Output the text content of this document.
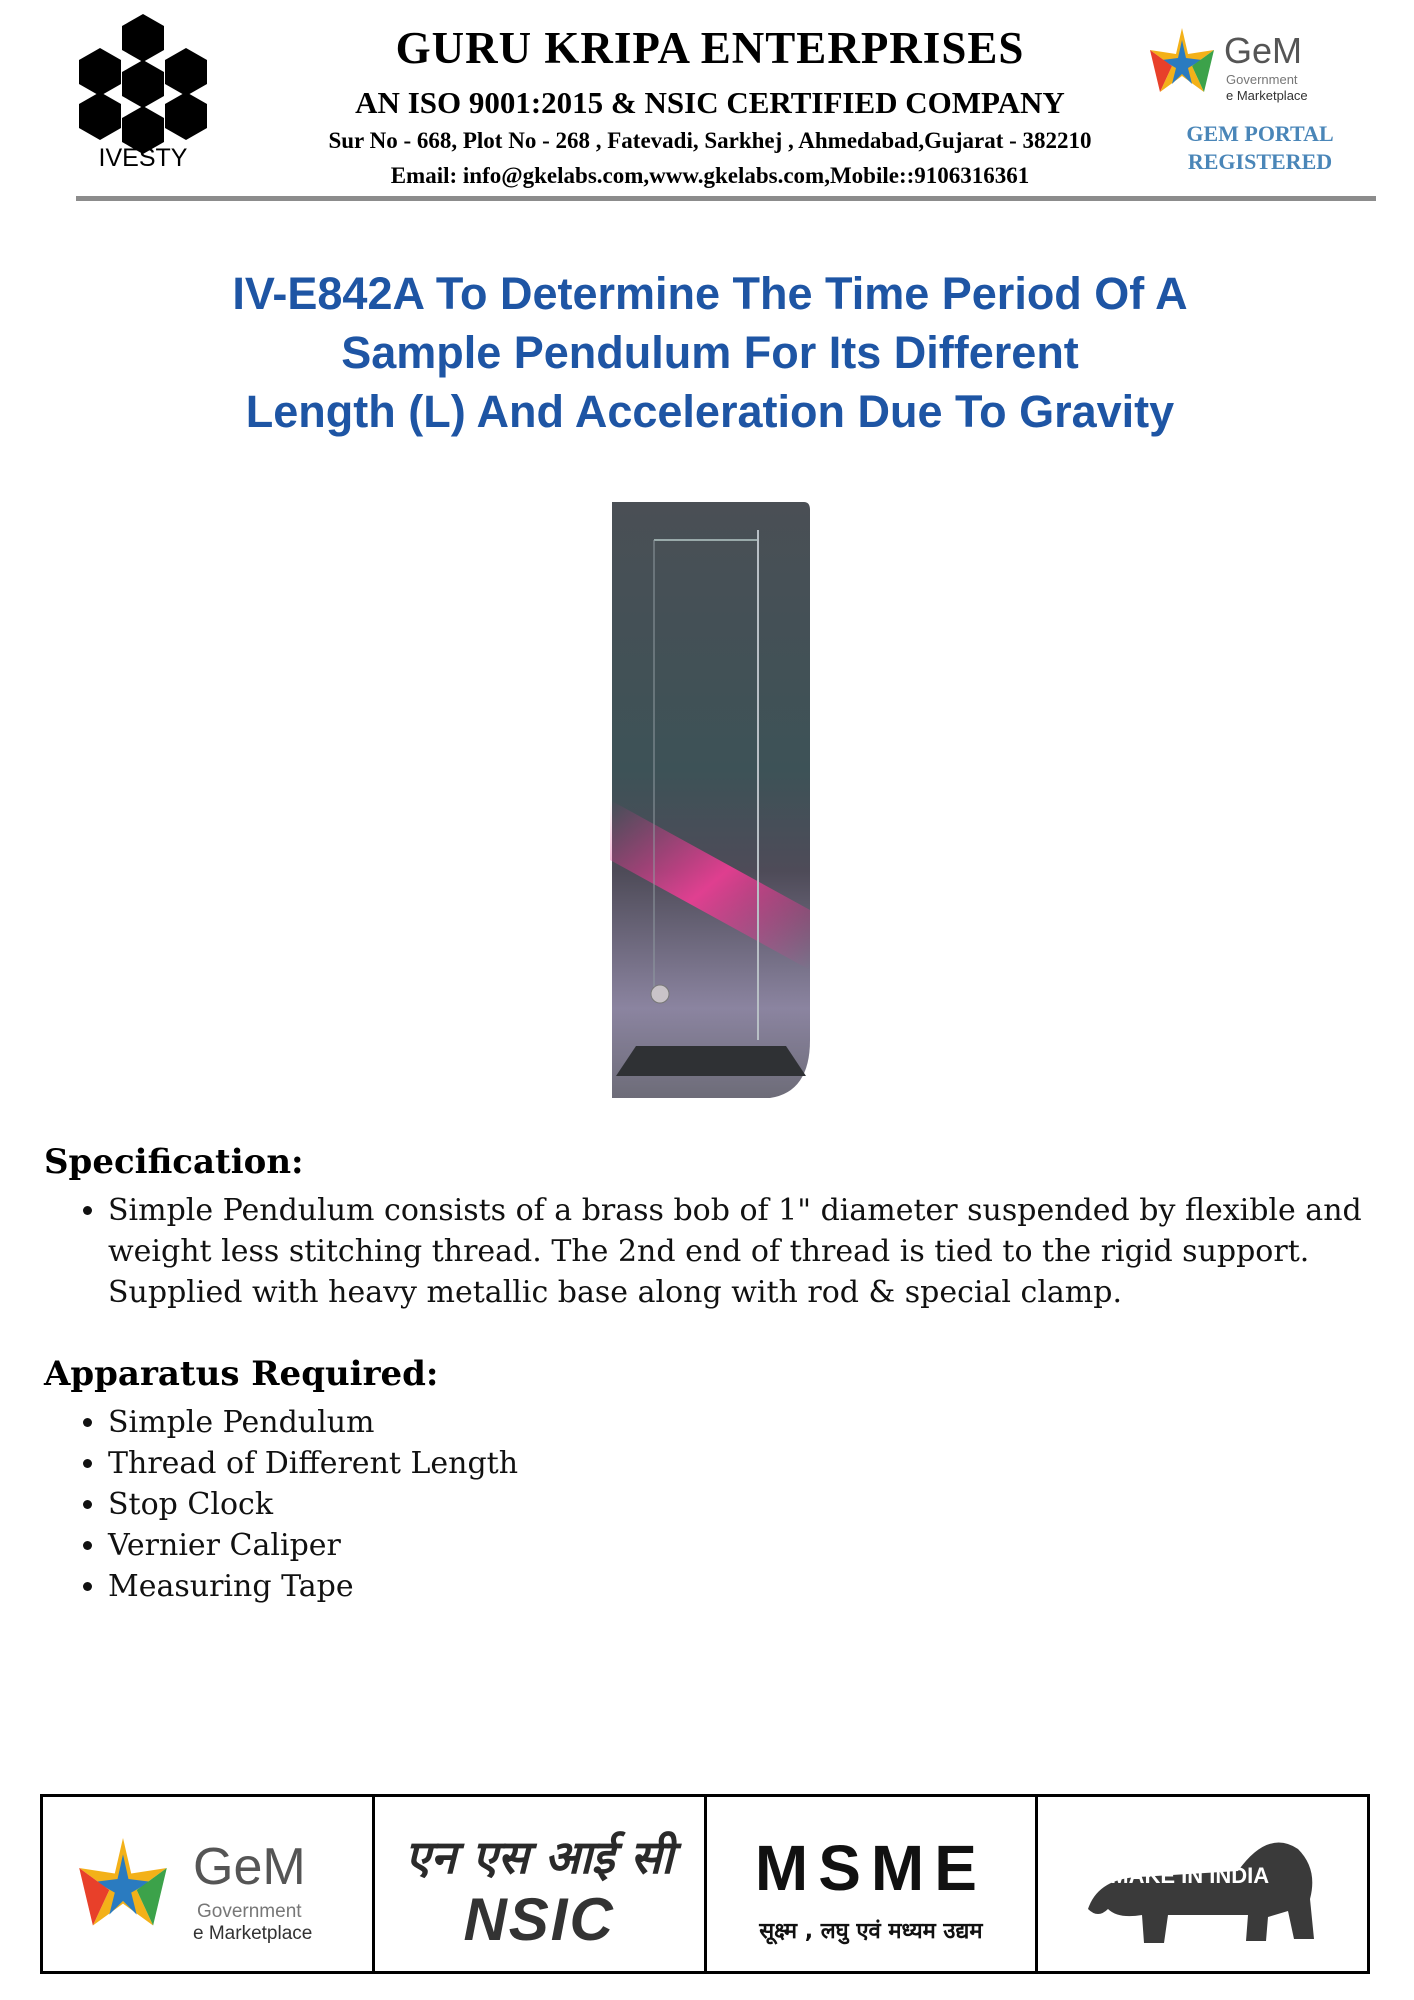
IVESTY
GURU KRIPA ENTERPRISES
AN ISO 9001:2015 & NSIC CERTIFIED COMPANY
Sur No - 668, Plot No - 268 , Fatevadi, Sarkhej , Ahmedabad,Gujarat - 382210
Email: info@gkelabs.com,www.gkelabs.com,Mobile::9106316361
GeM
Government
e Marketplace
GEM PORTAL
REGISTERED
IV-E842A To Determine The Time Period Of A
Sample Pendulum For Its Different
Length (L) And Acceleration Due To Gravity
Specification:
• Simple Pendulum consists of a brass bob of 1" diameter suspended by flexible and weight less stitching thread. The 2nd end of thread is tied to the rigid support. Supplied with heavy metallic base along with rod & special clamp.
Apparatus Required:
• Simple Pendulum
• Thread of Different Length
• Stop Clock
• Vernier Caliper
• Measuring Tape
GeM
Government
e Marketplace
एन एस आई सी
NSIC
MSME
सूक्ष्म , लघु एवं मध्यम उद्यम
MAKE IN INDIA
